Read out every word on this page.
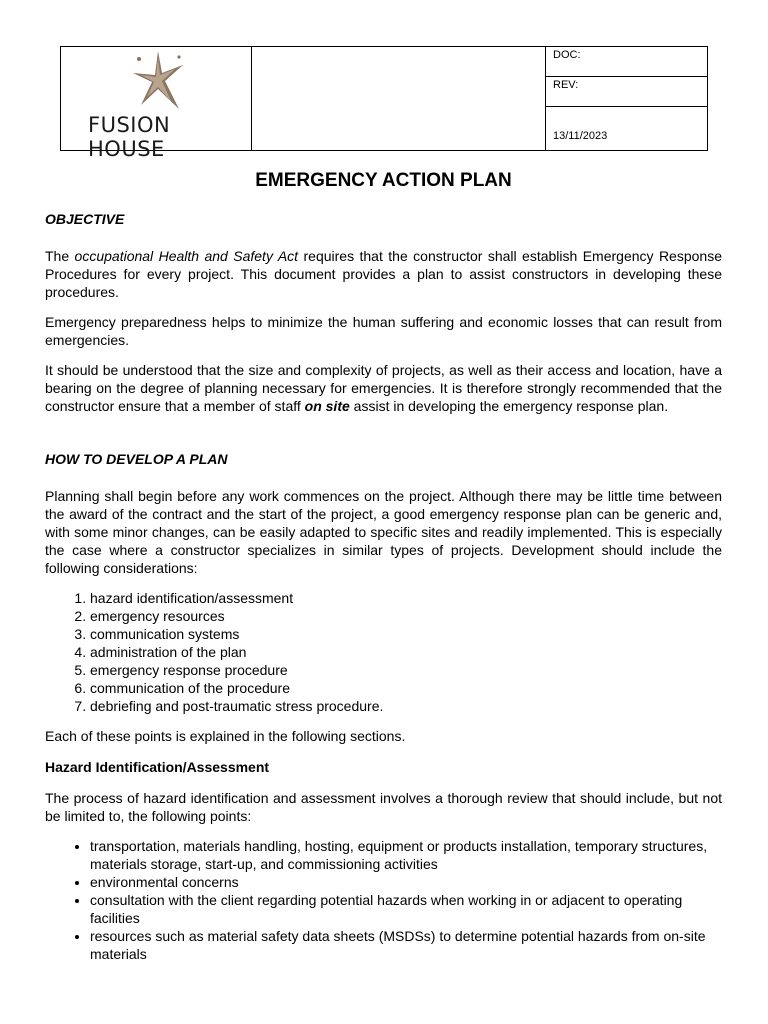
FUSION HOUSE
DOC:
REV:
13/11/2023
EMERGENCY ACTION PLAN
OBJECTIVE

The occupational Health and Safety Act requires that the constructor shall establish Emergency Response Procedures for every project. This document provides a plan to assist constructors in developing these procedures.

Emergency preparedness helps to minimize the human suffering and economic losses that can result from emergencies.

It should be understood that the size and complexity of projects, as well as their access and location, have a bearing on the degree of planning necessary for emergencies. It is therefore strongly recommended that the constructor ensure that a member of staff on site assist in developing the emergency response plan.

HOW TO DEVELOP A PLAN

Planning shall begin before any work commences on the project. Although there may be little time between the award of the contract and the start of the project, a good emergency response plan can be generic and, with some minor changes, can be easily adapted to specific sites and readily implemented. This is especially the case where a constructor specializes in similar types of projects. Development should include the following considerations:

1. hazard identification/assessment
2. emergency resources
3. communication systems
4. administration of the plan
5. emergency response procedure
6. communication of the procedure
7. debriefing and post-traumatic stress procedure.

Each of these points is explained in the following sections.

Hazard Identification/Assessment

The process of hazard identification and assessment involves a thorough review that should include, but not be limited to, the following points:

• transportation, materials handling, hosting, equipment or products installation, temporary structures, materials storage, start-up, and commissioning activities
• environmental concerns
• consultation with the client regarding potential hazards when working in or adjacent to operating facilities
• resources such as material safety data sheets (MSDSs) to determine potential hazards from on-site materials
